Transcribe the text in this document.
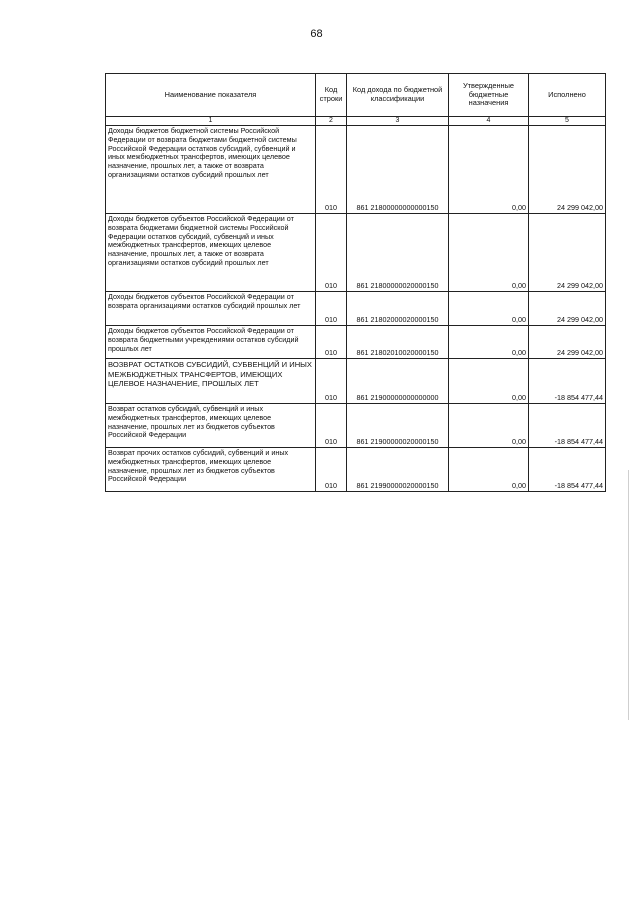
68
Наименование показателя	Код строки	Код дохода по бюджетной классификации	Утвержденные бюджетные назначения	Исполнено
1	2	3	4	5
Доходы бюджетов бюджетной системы Российской Федерации от возврата бюджетами бюджетной системы Российской Федерации остатков субсидий, субвенций и иных межбюджетных трансфертов, имеющих целевое назначение, прошлых лет, а также от возврата организациями остатков субсидий прошлых лет	010	861 21800000000000150	0,00	24 299 042,00
Доходы бюджетов субъектов Российской Федерации от возврата бюджетами бюджетной системы Российской Федерации остатков субсидий, субвенций и иных межбюджетных трансфертов, имеющих целевое назначение, прошлых лет, а также от возврата организациями остатков субсидий прошлых лет	010	861 21800000020000150	0,00	24 299 042,00
Доходы бюджетов субъектов Российской Федерации от возврата организациями остатков субсидий прошлых лет	010	861 21802000020000150	0,00	24 299 042,00
Доходы бюджетов субъектов Российской Федерации от возврата бюджетными учреждениями остатков субсидий прошлых лет	010	861 21802010020000150	0,00	24 299 042,00
ВОЗВРАТ ОСТАТКОВ СУБСИДИЙ, СУБВЕНЦИЙ И ИНЫХ МЕЖБЮДЖЕТНЫХ ТРАНСФЕРТОВ, ИМЕЮЩИХ ЦЕЛЕВОЕ НАЗНАЧЕНИЕ, ПРОШЛЫХ ЛЕТ	010	861 21900000000000000	0,00	-18 854 477,44
Возврат остатков субсидий, субвенций и иных межбюджетных трансфертов, имеющих целевое назначение, прошлых лет из бюджетов субъектов Российской Федерации	010	861 21900000020000150	0,00	-18 854 477,44
Возврат прочих остатков субсидий, субвенций и иных межбюджетных трансфертов, имеющих целевое назначение, прошлых лет из бюджетов субъектов Российской Федерации	010	861 21990000020000150	0,00	-18 854 477,44
